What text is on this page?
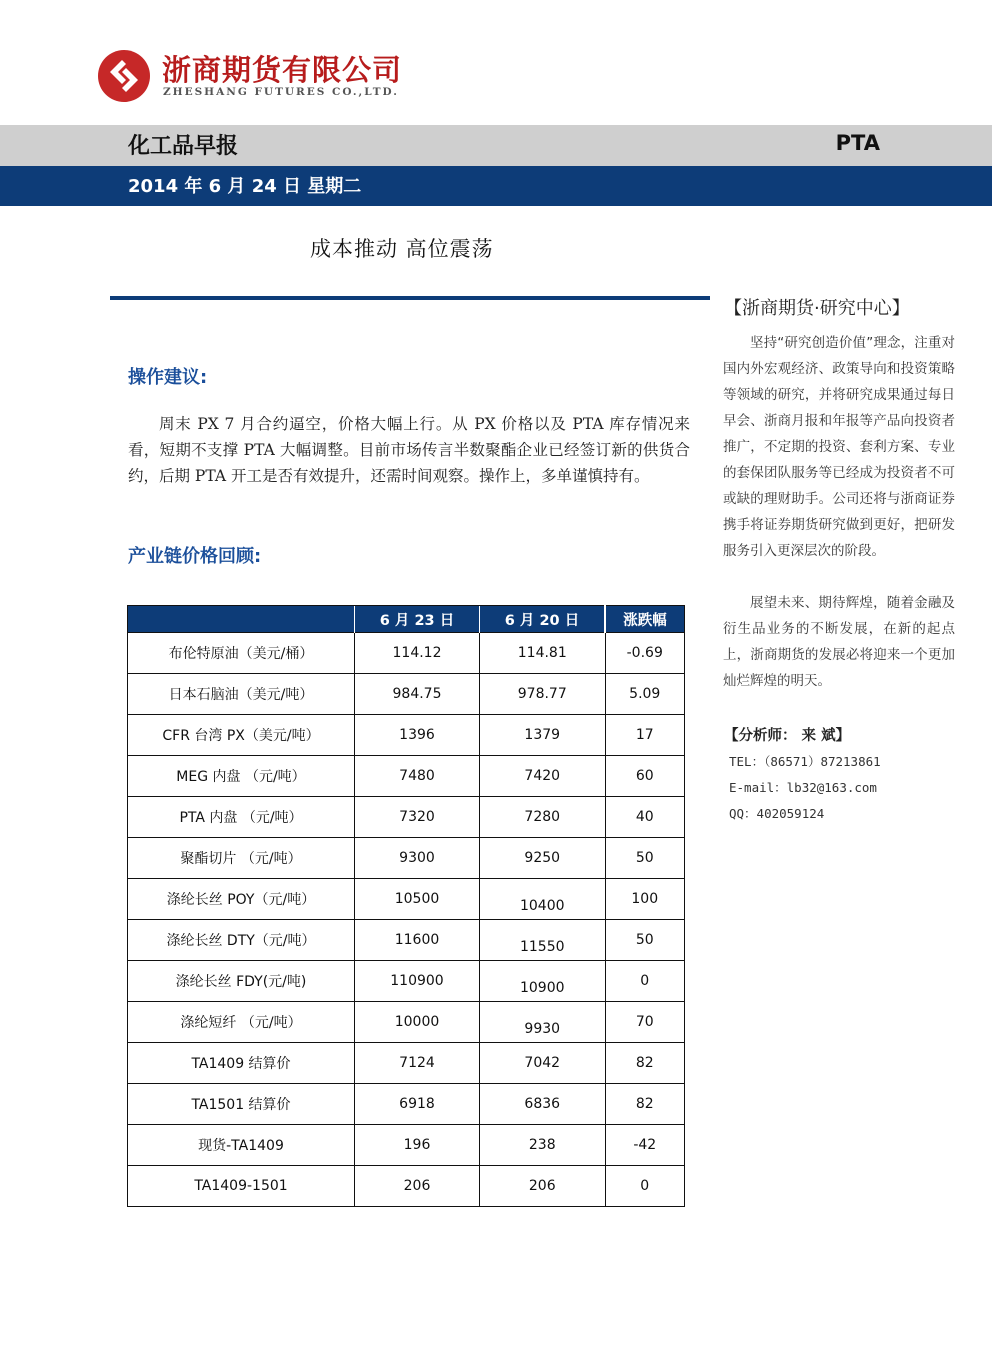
浙商期货有限公司
ZHESHANG FUTURES CO.,LTD.
化工品早报	PTA
2014 年 6 月 24 日 星期二
成本推动 高位震荡
操作建议:

周末 PX 7 月合约逼空，价格大幅上行。从 PX 价格以及 PTA 库存情况来看，短期不支撑 PTA 大幅调整。目前市场传言半数聚酯企业已经签订新的供货合约，后期 PTA 开工是否有效提升，还需时间观察。操作上，多单谨慎持有。

产业链价格回顾:
	6 月 23 日	6 月 20 日	涨跌幅
布伦特原油（美元/桶）	114.12	114.81	-0.69
日本石脑油（美元/吨）	984.75	978.77	5.09
CFR 台湾 PX（美元/吨）	1396	1379	17
MEG 内盘 （元/吨）	7480	7420	60
PTA 内盘 （元/吨）	7320	7280	40
聚酯切片 （元/吨）	9300	9250	50
涤纶长丝 POY（元/吨）	10500	10400	100
涤纶长丝 DTY（元/吨）	11600	11550	50
涤纶长丝 FDY(元/吨)	110900	10900	0
涤纶短纤 （元/吨）	10000	9930	70
TA1409 结算价	7124	7042	82
TA1501 结算价	6918	6836	82
现货-TA1409	196	238	-42
TA1409-1501	206	206	0
【浙商期货·研究中心】

坚持“研究创造价值”理念，注重对国内外宏观经济、政策导向和投资策略等领域的研究，并将研究成果通过每日早会、浙商月报和年报等产品向投资者推广，不定期的投资、套利方案、专业的套保团队服务等已经成为投资者不可或缺的理财助手。公司还将与浙商证券携手将证券期货研究做到更好，把研发服务引入更深层次的阶段。

展望未来、期待辉煌，随着金融及衍生品业务的不断发展，在新的起点上，浙商期货的发展必将迎来一个更加灿烂辉煌的明天。

【分析师： 来 斌】
TEL：（86571）87213861
E-mail：lb32@163.com
QQ：402059124
